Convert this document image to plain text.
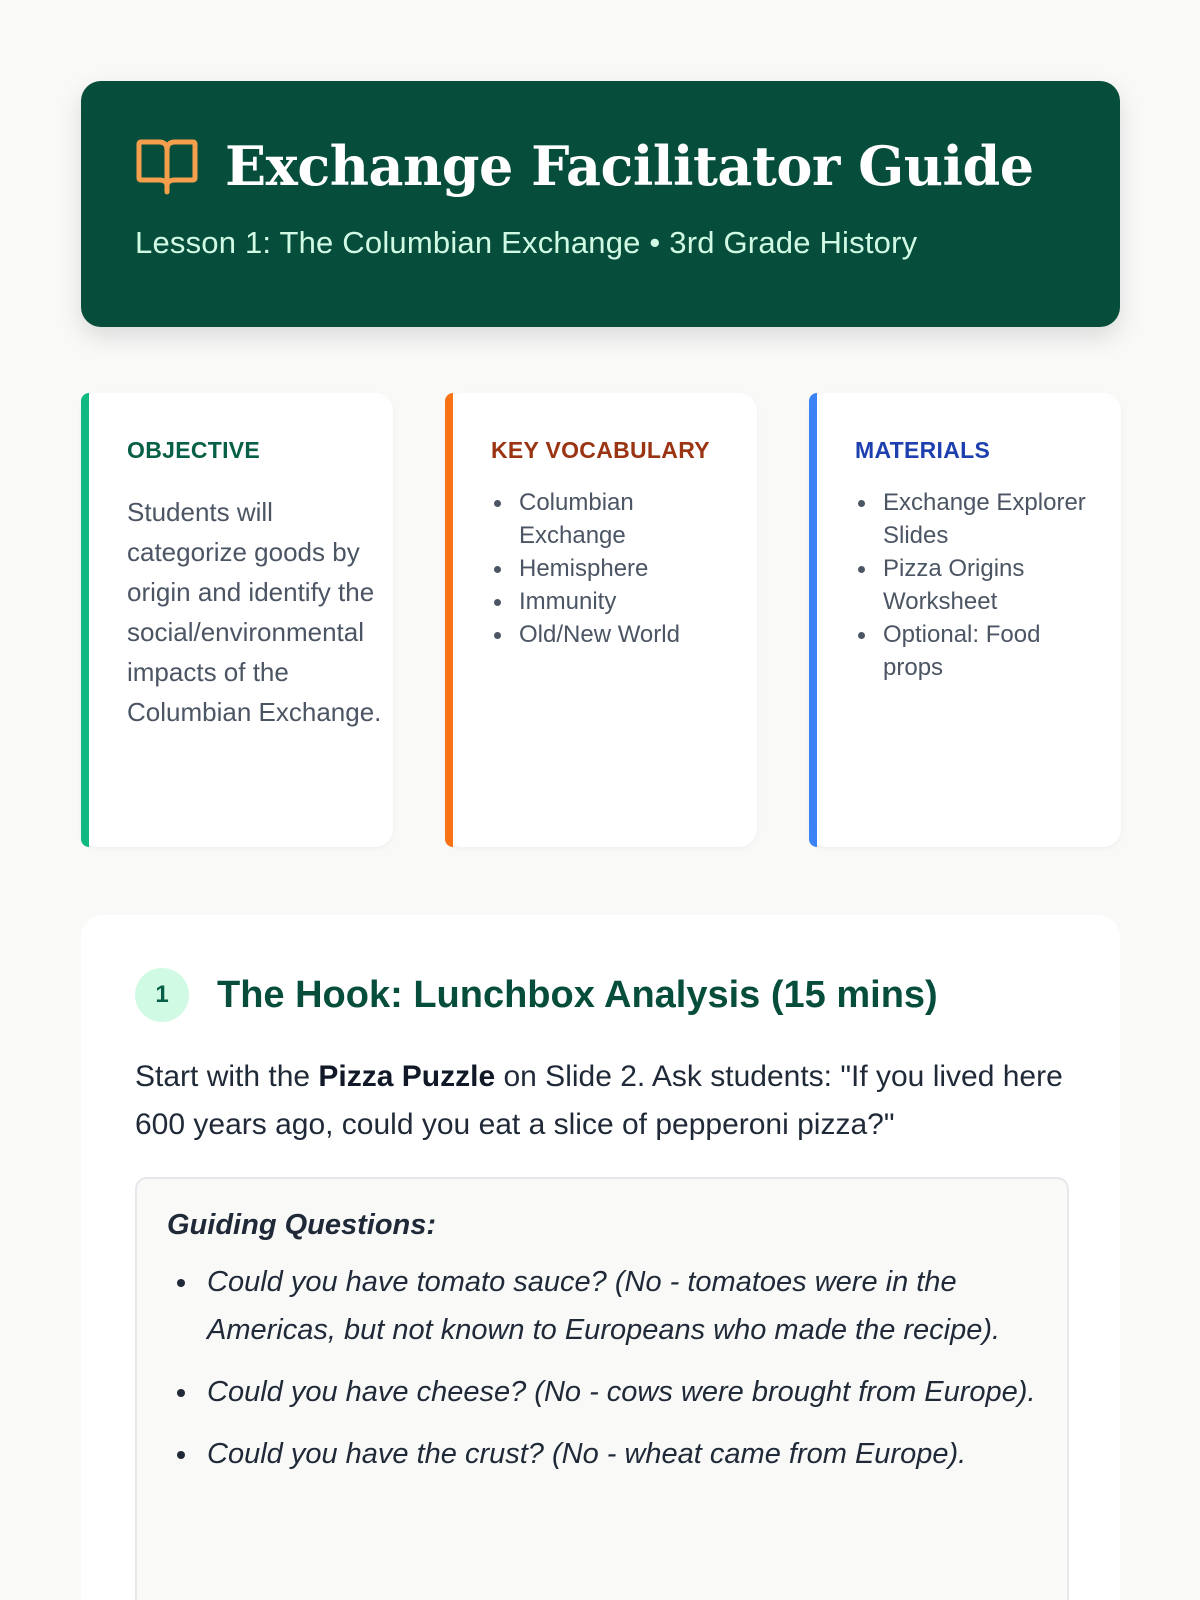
Exchange Facilitator Guide
Lesson 1: The Columbian Exchange • 3rd Grade History
OBJECTIVE
Students will categorize goods by origin and identify the social/environmental impacts of the Columbian Exchange.
KEY VOCABULARY
Columbian Exchange
Hemisphere
Immunity
Old/New World
MATERIALS
Exchange Explorer Slides
Pizza Origins Worksheet
Optional: Food props
1	The Hook: Lunchbox Analysis (15 mins)

Start with the Pizza Puzzle on Slide 2. Ask students: "If you lived here 600 years ago, could you eat a slice of pepperoni pizza?"

Guiding Questions:
Could you have tomato sauce? (No - tomatoes were in the Americas, but not known to Europeans who made the recipe).
Could you have cheese? (No - cows were brought from Europe).
Could you have the crust? (No - wheat came from Europe).
